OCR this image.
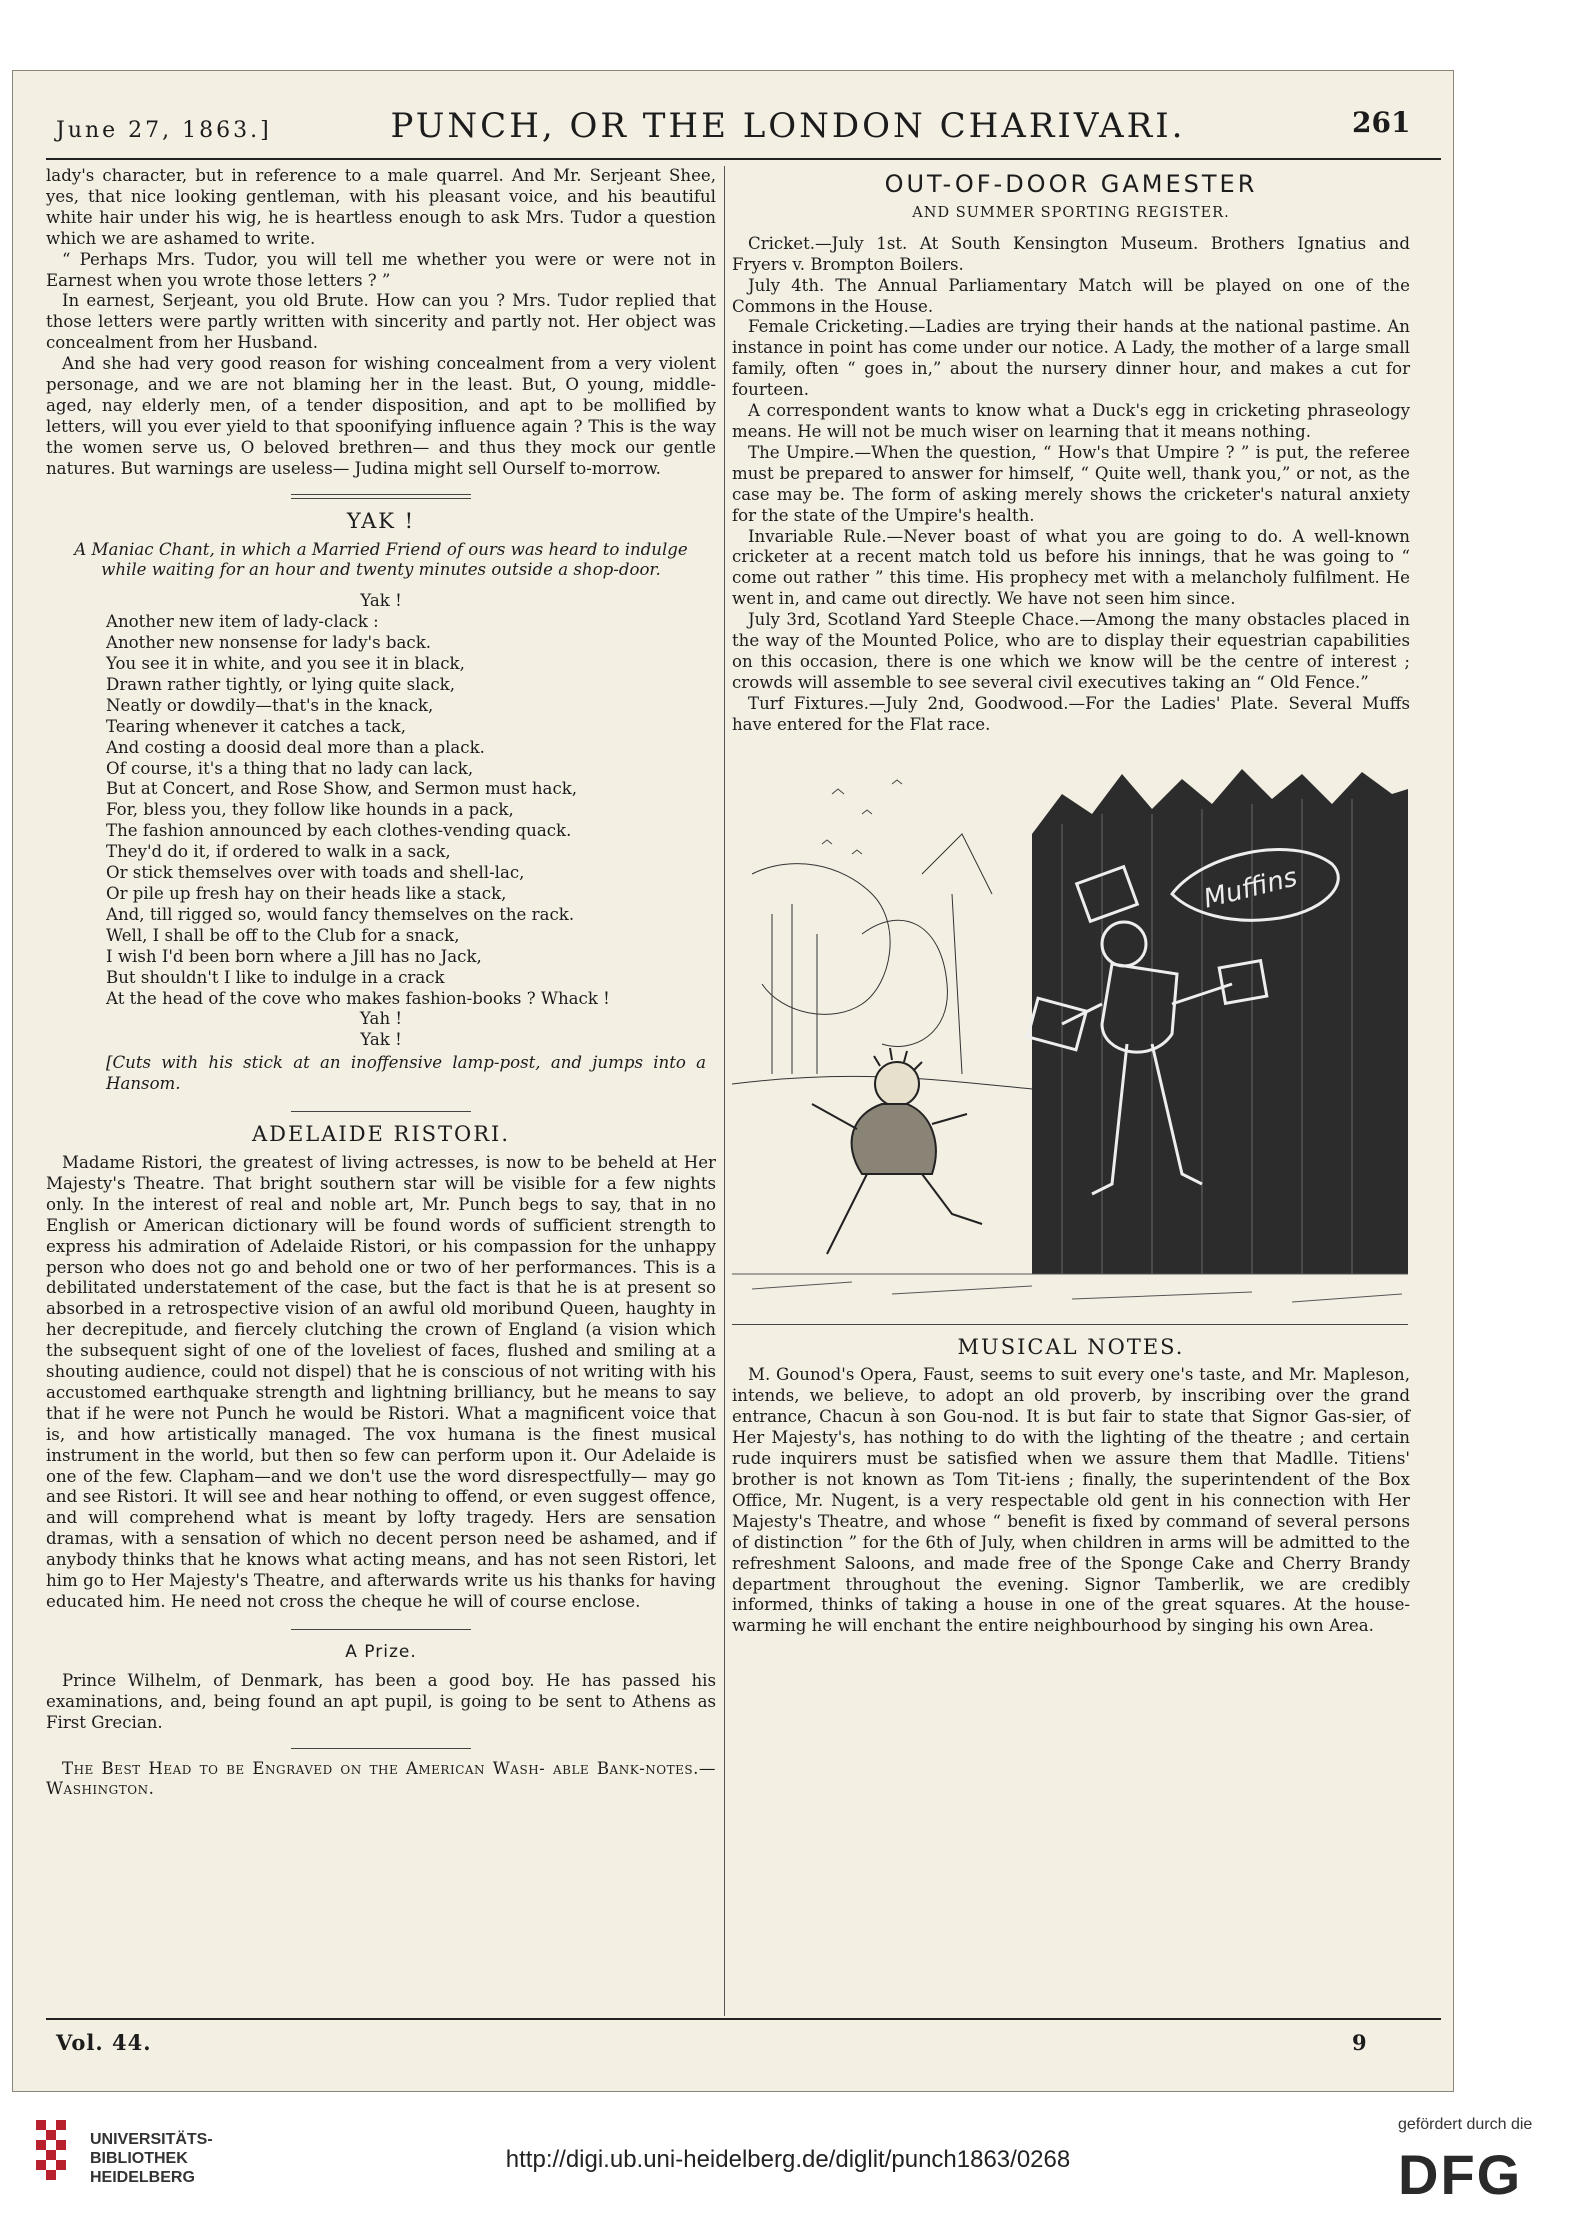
June 27, 1863.]	PUNCH, OR THE LONDON CHARIVARI.	261

lady's character, but in reference to a male quarrel. And Mr. Serjeant Shee, yes, that nice looking gentleman, with his pleasant voice, and his beautiful white hair under his wig, he is heartless enough to ask Mrs. Tudor a question which we are ashamed to write.

“ Perhaps Mrs. Tudor, you will tell me whether you were or were not in Earnest when you wrote those letters ? ”

In earnest, Serjeant, you old Brute. How can you ? Mrs. Tudor replied that those letters were partly written with sincerity and partly not. Her object was concealment from her Husband.

And she had very good reason for wishing concealment from a very violent personage, and we are not blaming her in the least. But, O young, middle-aged, nay elderly men, of a tender disposition, and apt to be mollified by letters, will you ever yield to that spoonifying influence again ? This is the way the women serve us, O beloved brethren— and thus they mock our gentle natures. But warnings are useless— Judina might sell Ourself to-morrow.

YAK !
A Maniac Chant, in which a Married Friend of ours was heard to indulge while waiting for an hour and twenty minutes outside a shop-door.
Yak !
Another new item of lady-clack :
Another new nonsense for lady's back.
You see it in white, and you see it in black,
Drawn rather tightly, or lying quite slack,
Neatly or dowdily—that's in the knack,
Tearing whenever it catches a tack,
And costing a doosid deal more than a plack.
Of course, it's a thing that no lady can lack,
But at Concert, and Rose Show, and Sermon must hack,
For, bless you, they follow like hounds in a pack,
The fashion announced by each clothes-vending quack.
They'd do it, if ordered to walk in a sack,
Or stick themselves over with toads and shell-lac,
Or pile up fresh hay on their heads like a stack,
And, till rigged so, would fancy themselves on the rack.
Well, I shall be off to the Club for a snack,
I wish I'd been born where a Jill has no Jack,
But shouldn't I like to indulge in a crack
At the head of the cove who makes fashion-books ? Whack !
Yah !
Yak !
[Cuts with his stick at an inoffensive lamp-post, and jumps into a Hansom.
ADELAIDE RISTORI.

Madame Ristori, the greatest of living actresses, is now to be beheld at Her Majesty's Theatre. That bright southern star will be visible for a few nights only. In the interest of real and noble art, Mr. Punch begs to say, that in no English or American dictionary will be found words of sufficient strength to express his admiration of Adelaide Ristori, or his compassion for the unhappy person who does not go and behold one or two of her performances. This is a debilitated understatement of the case, but the fact is that he is at present so absorbed in a retrospective vision of an awful old moribund Queen, haughty in her decrepitude, and fiercely clutching the crown of England (a vision which the subsequent sight of one of the loveliest of faces, flushed and smiling at a shouting audience, could not dispel) that he is conscious of not writing with his accustomed earthquake strength and lightning brilliancy, but he means to say that if he were not Punch he would be Ristori. What a magnificent voice that is, and how artistically managed. The vox humana is the finest musical instrument in the world, but then so few can perform upon it. Our Adelaide is one of the few. Clapham—and we don't use the word disrespectfully— may go and see Ristori. It will see and hear nothing to offend, or even suggest offence, and will comprehend what is meant by lofty tragedy. Hers are sensation dramas, with a sensation of which no decent person need be ashamed, and if anybody thinks that he knows what acting means, and has not seen Ristori, let him go to Her Majesty's Theatre, and afterwards write us his thanks for having educated him. He need not cross the cheque he will of course enclose.

A Prize.

Prince Wilhelm, of Denmark, has been a good boy. He has passed his examinations, and, being found an apt pupil, is going to be sent to Athens as First Grecian.

The Best Head to be Engraved on the American Wash- able Bank-notes.—Washington.

OUT-OF-DOOR GAMESTER
AND SUMMER SPORTING REGISTER.

Cricket.—July 1st. At South Kensington Museum. Brothers Ignatius and Fryers v. Brompton Boilers.

July 4th. The Annual Parliamentary Match will be played on one of the Commons in the House.

Female Cricketing.—Ladies are trying their hands at the national pastime. An instance in point has come under our notice. A Lady, the mother of a large small family, often “ goes in,” about the nursery dinner hour, and makes a cut for fourteen.

A correspondent wants to know what a Duck's egg in cricketing phraseology means. He will not be much wiser on learning that it means nothing.

The Umpire.—When the question, “ How's that Umpire ? ” is put, the referee must be prepared to answer for himself, “ Quite well, thank you,” or not, as the case may be. The form of asking merely shows the cricketer's natural anxiety for the state of the Umpire's health.

Invariable Rule.—Never boast of what you are going to do. A well-known cricketer at a recent match told us before his innings, that he was going to “ come out rather ” this time. His prophecy met with a melancholy fulfilment. He went in, and came out directly. We have not seen him since.

July 3rd, Scotland Yard Steeple Chace.—Among the many obstacles placed in the way of the Mounted Police, who are to display their equestrian capabilities on this occasion, there is one which we know will be the centre of interest ; crowds will assemble to see several civil executives taking an “ Old Fence.”

Turf Fixtures.—July 2nd, Goodwood.—For the Ladies' Plate. Several Muffs have entered for the Flat race.

Muffins
MUSICAL NOTES.

M. Gounod's Opera, Faust, seems to suit every one's taste, and Mr. Mapleson, intends, we believe, to adopt an old proverb, by inscribing over the grand entrance, Chacun à son Gou-nod. It is but fair to state that Signor Gas-sier, of Her Majesty's, has nothing to do with the lighting of the theatre ; and certain rude inquirers must be satisfied when we assure them that Madlle. Titiens' brother is not known as Tom Tit-iens ; finally, the superintendent of the Box Office, Mr. Nugent, is a very respectable old gent in his connection with Her Majesty's Theatre, and whose “ benefit is fixed by command of several persons of distinction ” for the 6th of July, when children in arms will be admitted to the refreshment Saloons, and made free of the Sponge Cake and Cherry Brandy department throughout the evening. Signor Tamberlik, we are credibly informed, thinks of taking a house in one of the great squares. At the house-warming he will enchant the entire neighbourhood by singing his own Area.

Vol. 44.	9
UNIVERSITÄTS-
BIBLIOTHEK
HEIDELBERG
http://digi.ub.uni-heidelberg.de/diglit/punch1863/0268
gefördert durch die
DFG
